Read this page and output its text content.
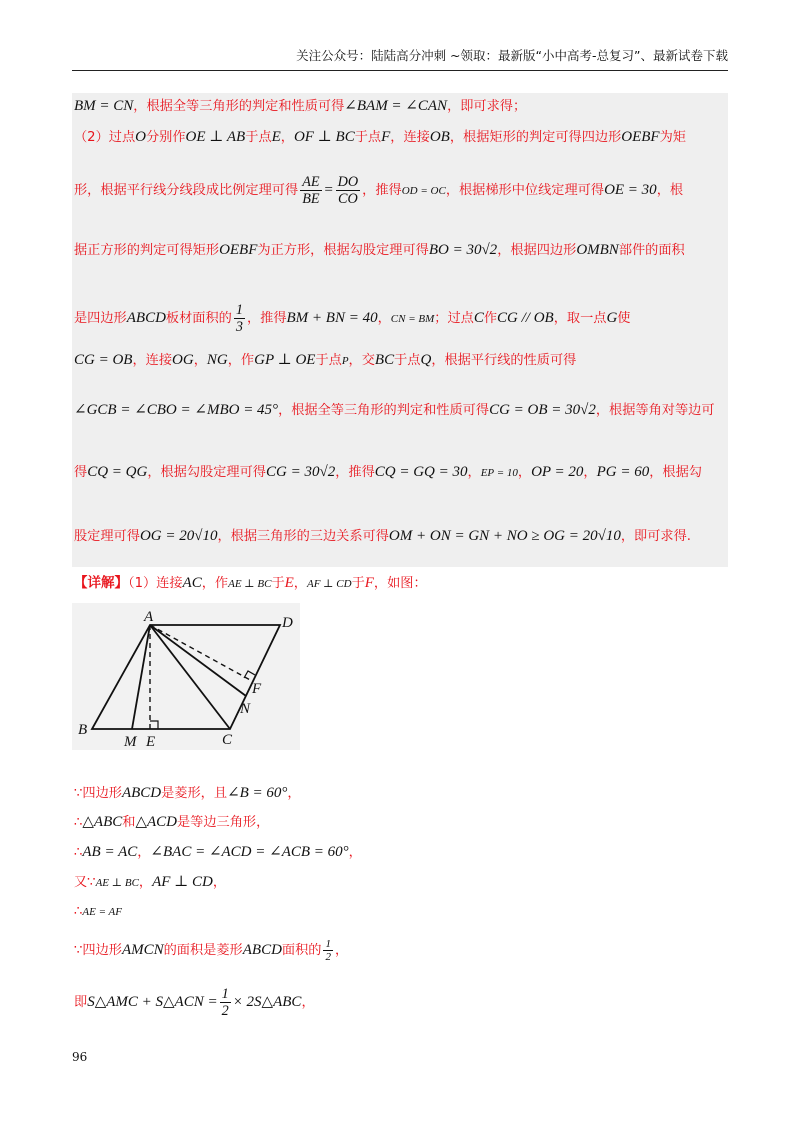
关注公众号：陆陆高分冲刺 ~领取：最新版“小中高考-总复习”、最新试卷下载
BM = CN，根据全等三角形的判定和性质可得∠BAM = ∠CAN，即可求得；
（2）过点O分别作OE ⊥ AB于点E，OF ⊥ BC于点F，连接OB，根据矩形的判定可得四边形OEBF为矩
形，根据平行线分线段成比例定理可得 $\frac{AE}{BE} = \frac{DO}{CO}$ ，推得OD = OC，根据梯形中位线定理可得OE = 30，根
据正方形的判定可得矩形OEBF为正方形，根据勾股定理可得BO = 30√2，根据四边形OMBN部件的面积
是四边形ABCD板材面积的 $\frac{1}{3}$ ，推得BM + BN = 40，CN = BM；过点C作CG // OB，取一点G使
CG = OB，连接OG，NG，作GP ⊥ OE于点P，交BC于点Q，根据平行线的性质可得
∠GCB = ∠CBO = ∠MBO = 45°，根据全等三角形的判定和性质可得CG = OB = 30√2，根据等角对等边可
得CQ = QG，根据勾股定理可得CG = 30√2，推得CQ = GQ = 30，EP = 10，OP = 20，PG = 60，根据勾
股定理可得OG = 20√10，根据三角形的三边关系可得OM + ON = GN + NO ≥ OG = 20√10，即可求得.
【详解】（1）连接AC，作AE ⊥ BC于E，AF ⊥ CD于F，如图：
A	D
F
N
B
M E	C
∵四边形ABCD是菱形，且∠B = 60°，
∴△ABC和△ACD是等边三角形，
∴AB = AC，∠BAC = ∠ACD = ∠ACB = 60°，
又∵AE ⊥ BC，AF ⊥ CD，
∴AE = AF
∵四边形AMCN的面积是菱形ABCD面积的 $\frac{1}{2}$ ，
即S△AMC + S△ACN = $\frac{1}{2}$ × 2S△ABC，
96
